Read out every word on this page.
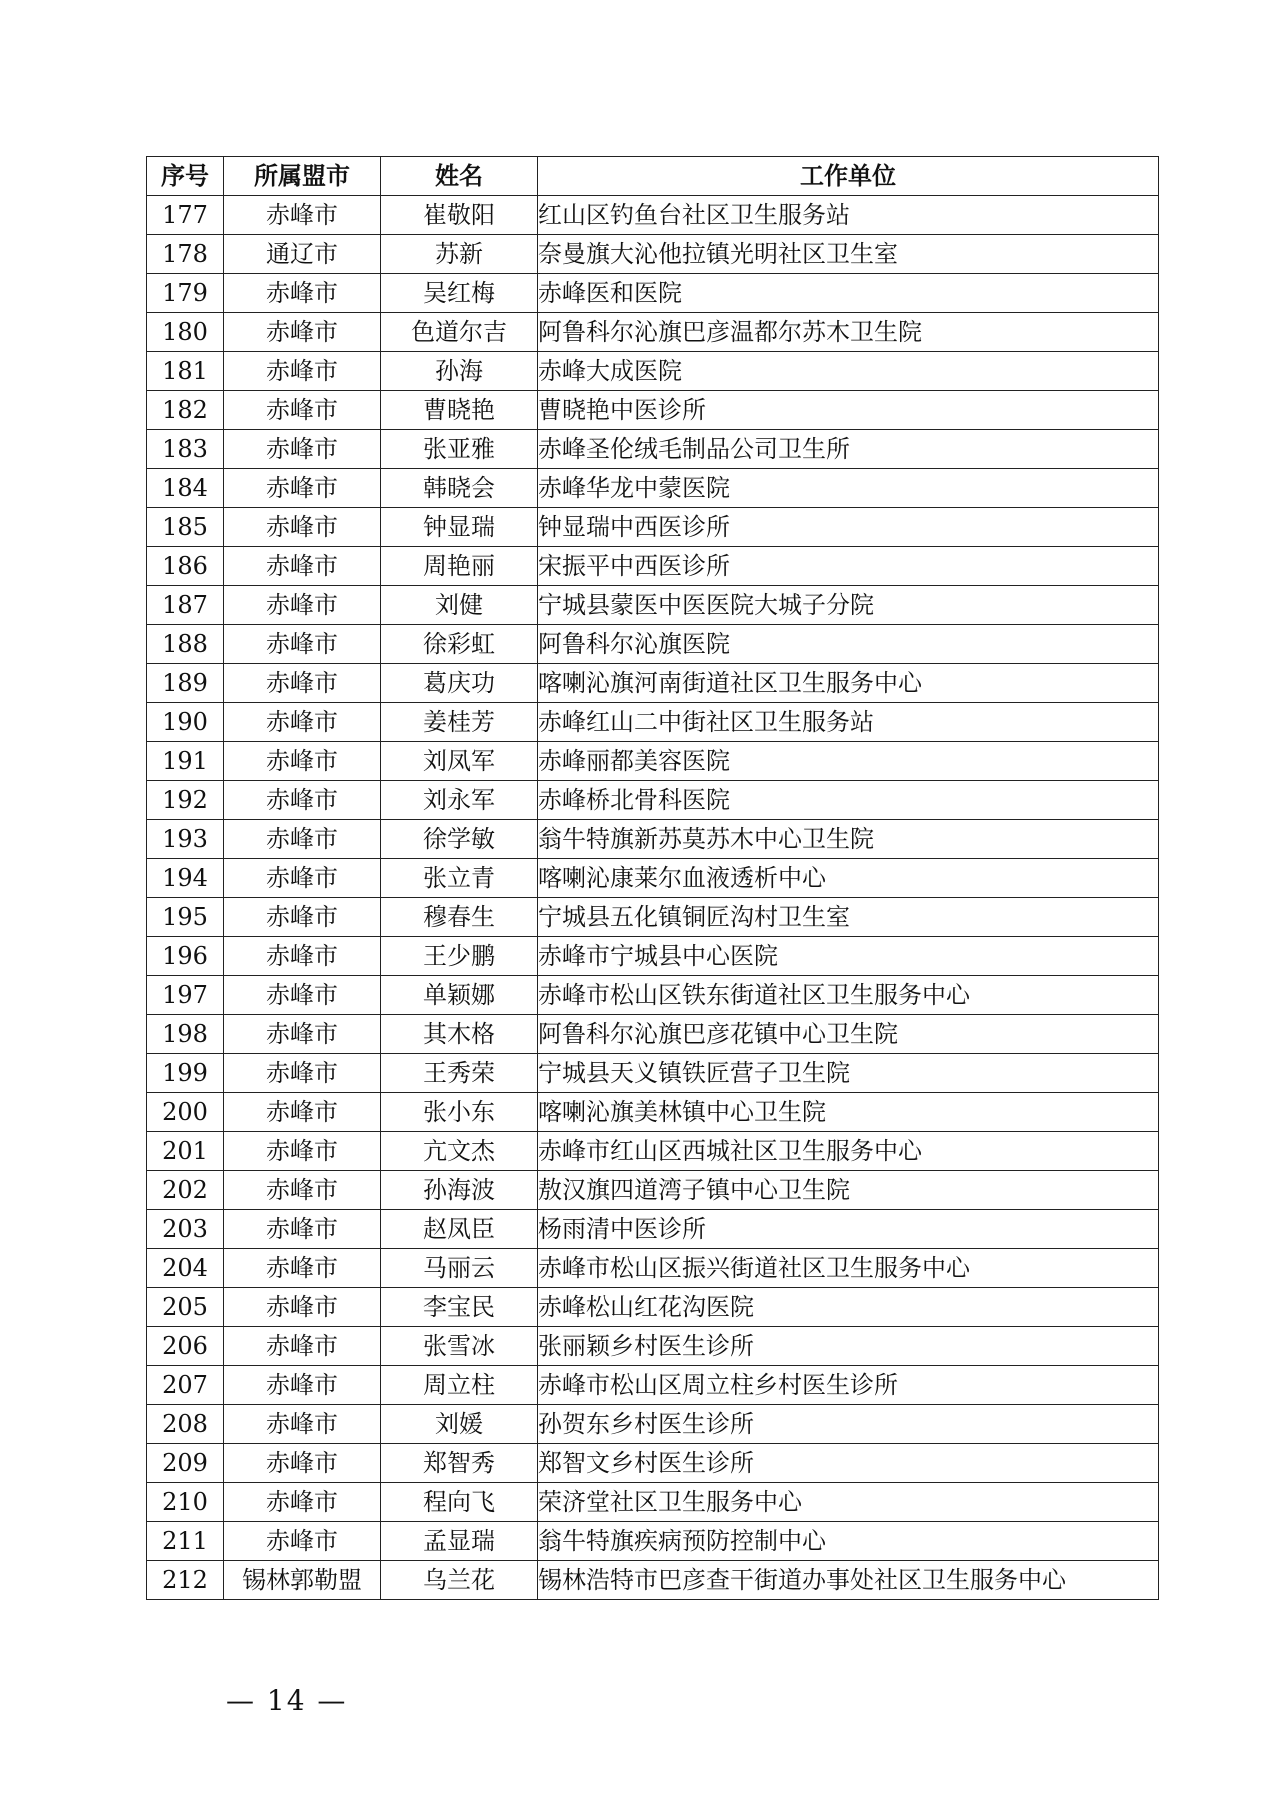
序号	所属盟市	姓名	工作单位
177	赤峰市	崔敬阳	红山区钓鱼台社区卫生服务站
178	通辽市	苏新	奈曼旗大沁他拉镇光明社区卫生室
179	赤峰市	吴红梅	赤峰医和医院
180	赤峰市	色道尔吉	阿鲁科尔沁旗巴彦温都尔苏木卫生院
181	赤峰市	孙海	赤峰大成医院
182	赤峰市	曹晓艳	曹晓艳中医诊所
183	赤峰市	张亚雅	赤峰圣伦绒毛制品公司卫生所
184	赤峰市	韩晓会	赤峰华龙中蒙医院
185	赤峰市	钟显瑞	钟显瑞中西医诊所
186	赤峰市	周艳丽	宋振平中西医诊所
187	赤峰市	刘健	宁城县蒙医中医医院大城子分院
188	赤峰市	徐彩虹	阿鲁科尔沁旗医院
189	赤峰市	葛庆功	喀喇沁旗河南街道社区卫生服务中心
190	赤峰市	姜桂芳	赤峰红山二中街社区卫生服务站
191	赤峰市	刘凤军	赤峰丽都美容医院
192	赤峰市	刘永军	赤峰桥北骨科医院
193	赤峰市	徐学敏	翁牛特旗新苏莫苏木中心卫生院
194	赤峰市	张立青	喀喇沁康莱尔血液透析中心
195	赤峰市	穆春生	宁城县五化镇铜匠沟村卫生室
196	赤峰市	王少鹏	赤峰市宁城县中心医院
197	赤峰市	单颖娜	赤峰市松山区铁东街道社区卫生服务中心
198	赤峰市	其木格	阿鲁科尔沁旗巴彦花镇中心卫生院
199	赤峰市	王秀荣	宁城县天义镇铁匠营子卫生院
200	赤峰市	张小东	喀喇沁旗美林镇中心卫生院
201	赤峰市	亢文杰	赤峰市红山区西城社区卫生服务中心
202	赤峰市	孙海波	敖汉旗四道湾子镇中心卫生院
203	赤峰市	赵凤臣	杨雨清中医诊所
204	赤峰市	马丽云	赤峰市松山区振兴街道社区卫生服务中心
205	赤峰市	李宝民	赤峰松山红花沟医院
206	赤峰市	张雪冰	张丽颖乡村医生诊所
207	赤峰市	周立柱	赤峰市松山区周立柱乡村医生诊所
208	赤峰市	刘媛	孙贺东乡村医生诊所
209	赤峰市	郑智秀	郑智文乡村医生诊所
210	赤峰市	程向飞	荣济堂社区卫生服务中心
211	赤峰市	孟显瑞	翁牛特旗疾病预防控制中心
212	锡林郭勒盟	乌兰花	锡林浩特市巴彦查干街道办事处社区卫生服务中心
— 14 —
